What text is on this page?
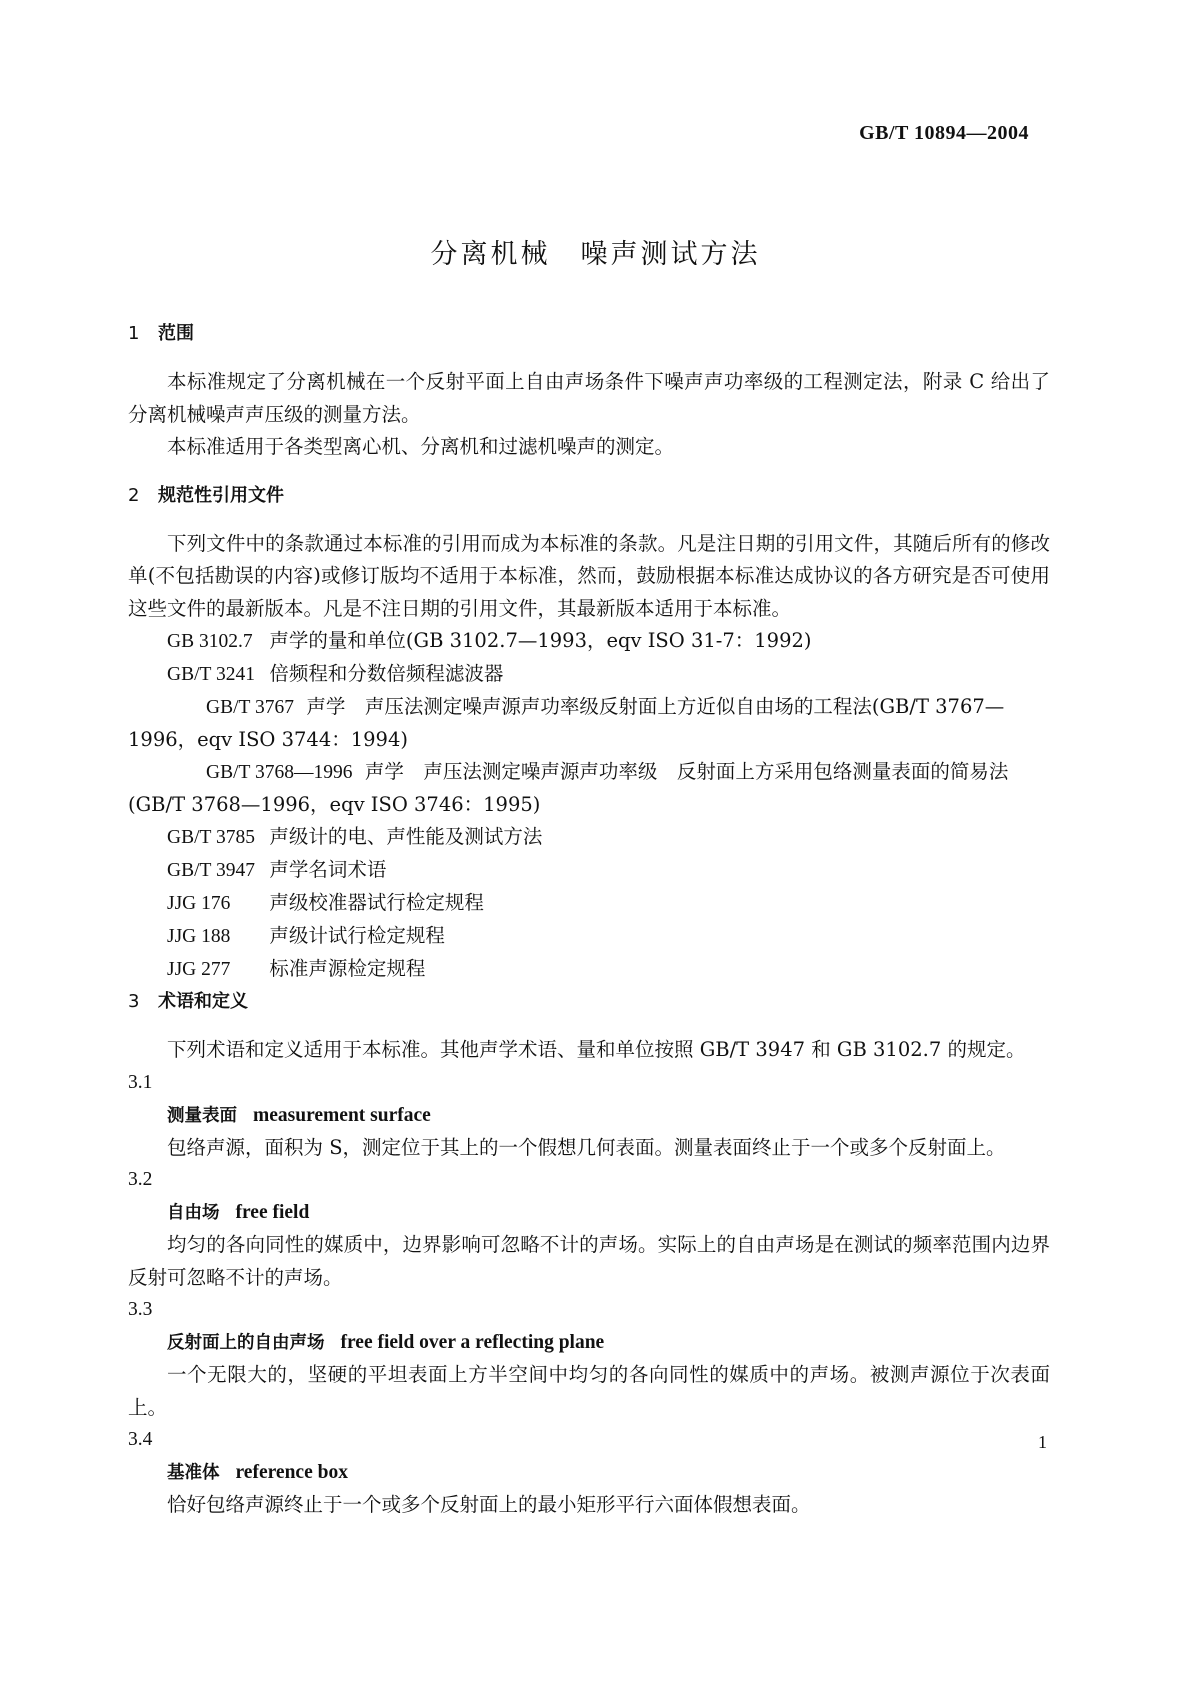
GB/T 10894—2004
分离机械　噪声测试方法

1 范围

本标准规定了分离机械在一个反射平面上自由声场条件下噪声声功率级的工程测定法，附录 C 给出了分离机械噪声声压级的测量方法。

本标准适用于各类型离心机、分离机和过滤机噪声的测定。

2 规范性引用文件

下列文件中的条款通过本标准的引用而成为本标准的条款。凡是注日期的引用文件，其随后所有的修改单(不包括勘误的内容)或修订版均不适用于本标准，然而，鼓励根据本标准达成协议的各方研究是否可使用这些文件的最新版本。凡是不注日期的引用文件，其最新版本适用于本标准。

GB 3102.7 声学的量和单位(GB 3102.7—1993，eqv ISO 31-7：1992)

GB/T 3241 倍频程和分数倍频程滤波器

GB/T 3767 声学　声压法测定噪声源声功率级反射面上方近似自由场的工程法(GB/T 3767—1996，eqv ISO 3744：1994)

GB/T 3768—1996 声学　声压法测定噪声源声功率级　反射面上方采用包络测量表面的简易法(GB/T 3768—1996，eqv ISO 3746：1995)

GB/T 3785 声级计的电、声性能及测试方法

GB/T 3947 声学名词术语

JJG 176 声级校准器试行检定规程

JJG 188 声级计试行检定规程

JJG 277 标准声源检定规程

3 术语和定义

下列术语和定义适用于本标准。其他声学术语、量和单位按照 GB/T 3947 和 GB 3102.7 的规定。

3.1

测量表面 measurement surface

包络声源，面积为 S，测定位于其上的一个假想几何表面。测量表面终止于一个或多个反射面上。

3.2

自由场 free field

均匀的各向同性的媒质中，边界影响可忽略不计的声场。实际上的自由声场是在测试的频率范围内边界反射可忽略不计的声场。

3.3

反射面上的自由声场 free field over a reflecting plane

一个无限大的，坚硬的平坦表面上方半空间中均匀的各向同性的媒质中的声场。被测声源位于次表面上。

3.4

基准体 reference box

恰好包络声源终止于一个或多个反射面上的最小矩形平行六面体假想表面。

1
